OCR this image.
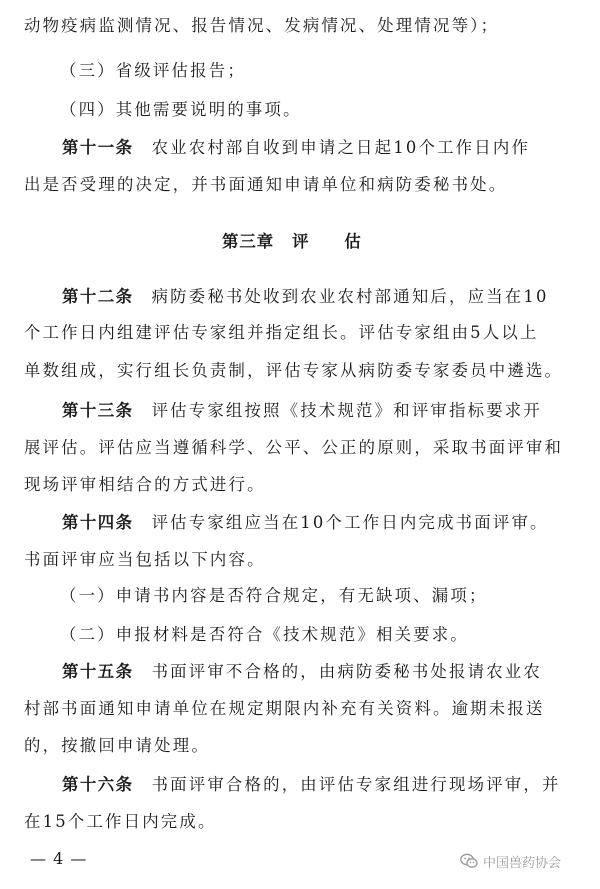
动物疫病监测情况、报告情况、发病情况、处理情况等）；
（三）省级评估报告；
（四）其他需要说明的事项。
第十一条 农业农村部自收到申请之日起10个工作日内作
出是否受理的决定，并书面通知申请单位和病防委秘书处。
第三章 评　　估
第十二条 病防委秘书处收到农业农村部通知后，应当在10
个工作日内组建评估专家组并指定组长。评估专家组由5人以上
单数组成，实行组长负责制，评估专家从病防委专家委员中遴选。
第十三条 评估专家组按照《技术规范》和评审指标要求开
展评估。评估应当遵循科学、公平、公正的原则，采取书面评审和
现场评审相结合的方式进行。
第十四条 评估专家组应当在10个工作日内完成书面评审。
书面评审应当包括以下内容。
（一）申请书内容是否符合规定，有无缺项、漏项；
（二）申报材料是否符合《技术规范》相关要求。
第十五条 书面评审不合格的，由病防委秘书处报请农业农
村部书面通知申请单位在规定期限内补充有关资料。逾期未报送
的，按撤回申请处理。
第十六条 书面评审合格的，由评估专家组进行现场评审，并
在15个工作日内完成。
— 4 —	中国兽药协会
